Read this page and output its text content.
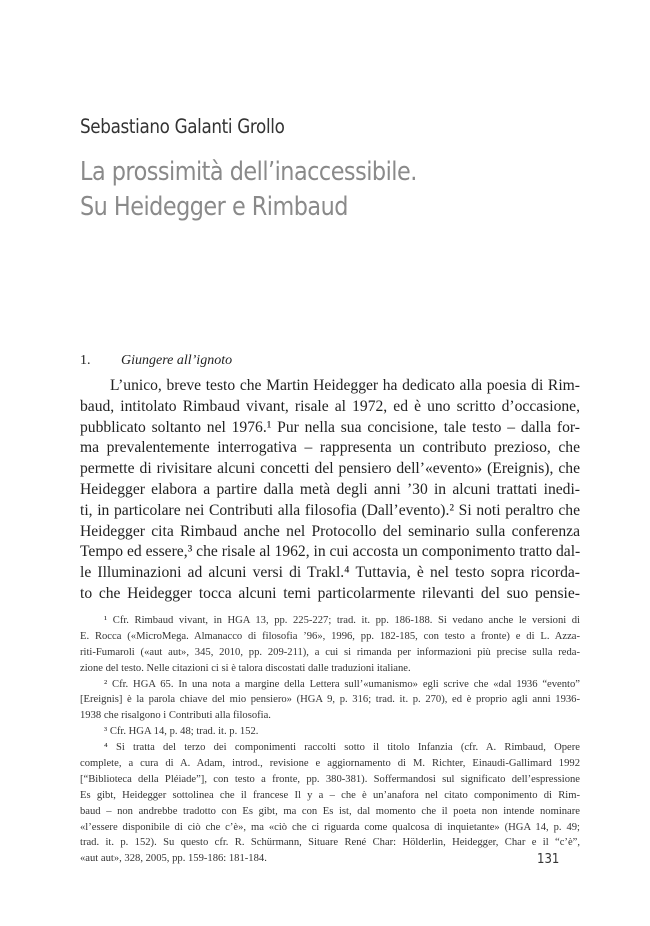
Sebastiano Galanti Grollo
La prossimità dell’inaccessibile.
Su Heidegger e Rimbaud
1. Giungere all’ignoto
L’unico, breve testo che Martin Heidegger ha dedicato alla poesia di Rim-
baud, intitolato Rimbaud vivant, risale al 1972, ed è uno scritto d’occasione,
pubblicato soltanto nel 1976.¹ Pur nella sua concisione, tale testo – dalla for-
ma prevalentemente interrogativa – rappresenta un contributo prezioso, che
permette di rivisitare alcuni concetti del pensiero dell’«evento» (Ereignis), che
Heidegger elabora a partire dalla metà degli anni ’30 in alcuni trattati inedi-
ti, in particolare nei Contributi alla filosofia (Dall’evento).² Si noti peraltro che
Heidegger cita Rimbaud anche nel Protocollo del seminario sulla conferenza
Tempo ed essere,³ che risale al 1962, in cui accosta un componimento tratto dal-
le Illuminazioni ad alcuni versi di Trakl.⁴ Tuttavia, è nel testo sopra ricorda-
to che Heidegger tocca alcuni temi particolarmente rilevanti del suo pensie-
¹ Cfr. Rimbaud vivant, in HGA 13, pp. 225-227; trad. it. pp. 186-188. Si vedano anche le versioni di
E. Rocca («MicroMega. Almanacco di filosofia ’96», 1996, pp. 182-185, con testo a fronte) e di L. Azza-
riti-Fumaroli («aut aut», 345, 2010, pp. 209-211), a cui si rimanda per informazioni più precise sulla reda-
zione del testo. Nelle citazioni ci si è talora discostati dalle traduzioni italiane.
² Cfr. HGA 65. In una nota a margine della Lettera sull’«umanismo» egli scrive che «dal 1936 “evento”
[Ereignis] è la parola chiave del mio pensiero» (HGA 9, p. 316; trad. it. p. 270), ed è proprio agli anni 1936-
1938 che risalgono i Contributi alla filosofia.
³ Cfr. HGA 14, p. 48; trad. it. p. 152.
⁴ Si tratta del terzo dei componimenti raccolti sotto il titolo Infanzia (cfr. A. Rimbaud, Opere
complete, a cura di A. Adam, introd., revisione e aggiornamento di M. Richter, Einaudi-Gallimard 1992
[“Biblioteca della Pléiade”], con testo a fronte, pp. 380-381). Soffermandosi sul significato dell’espressione
Es gibt, Heidegger sottolinea che il francese Il y a – che è un’anafora nel citato componimento di Rim-
baud – non andrebbe tradotto con Es gibt, ma con Es ist, dal momento che il poeta non intende nominare
«l’essere disponibile di ciò che c’è», ma «ciò che ci riguarda come qualcosa di inquietante» (HGA 14, p. 49;
trad. it. p. 152). Su questo cfr. R. Schürmann, Situare René Char: Hölderlin, Heidegger, Char e il “c’è”,
«aut aut», 328, 2005, pp. 159-186: 181-184.	131
